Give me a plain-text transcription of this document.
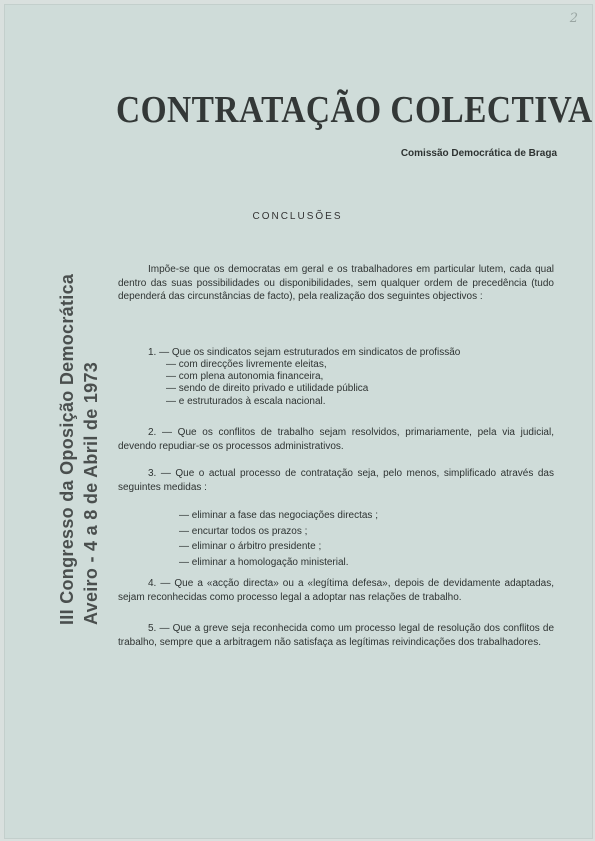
2
CONTRATAÇÃO COLECTIVA
Comissão Democrática de Braga
CONCLUSÕES
III Congresso da Oposição Democrática Aveiro - 4 a 8 de Abril de 1973

Impõe-se que os democratas em geral e os trabalhadores em particular lutem, cada qual dentro das suas possibilidades ou disponibilidades, sem qualquer ordem de precedência (tudo dependerá das circunstâncias de facto), pela realização dos seguintes objectivos :

1. — Que os sindicatos sejam estruturados em sindicatos de profissão

— com direcções livremente eleitas,
— com plena autonomia financeira,
— sendo de direito privado e utilidade pública
— e estruturados à escala nacional.

2. — Que os conflitos de trabalho sejam resolvidos, primariamente, pela via judicial, devendo repudiar-se os processos administrativos.

3. — Que o actual processo de contratação seja, pelo menos, simplificado através das seguintes medidas :

— eliminar a fase das negociações directas ;
— encurtar todos os prazos ;
— eliminar o árbitro presidente ;
— eliminar a homologação ministerial.

4. — Que a «acção directa» ou a «legítima defesa», depois de devidamente adaptadas, sejam reconhecidas como processo legal a adoptar nas relações de trabalho.

5. — Que a greve seja reconhecida como um processo legal de resolução dos conflitos de trabalho, sempre que a arbitragem não satisfaça as legítimas reivindicações dos trabalhadores.
